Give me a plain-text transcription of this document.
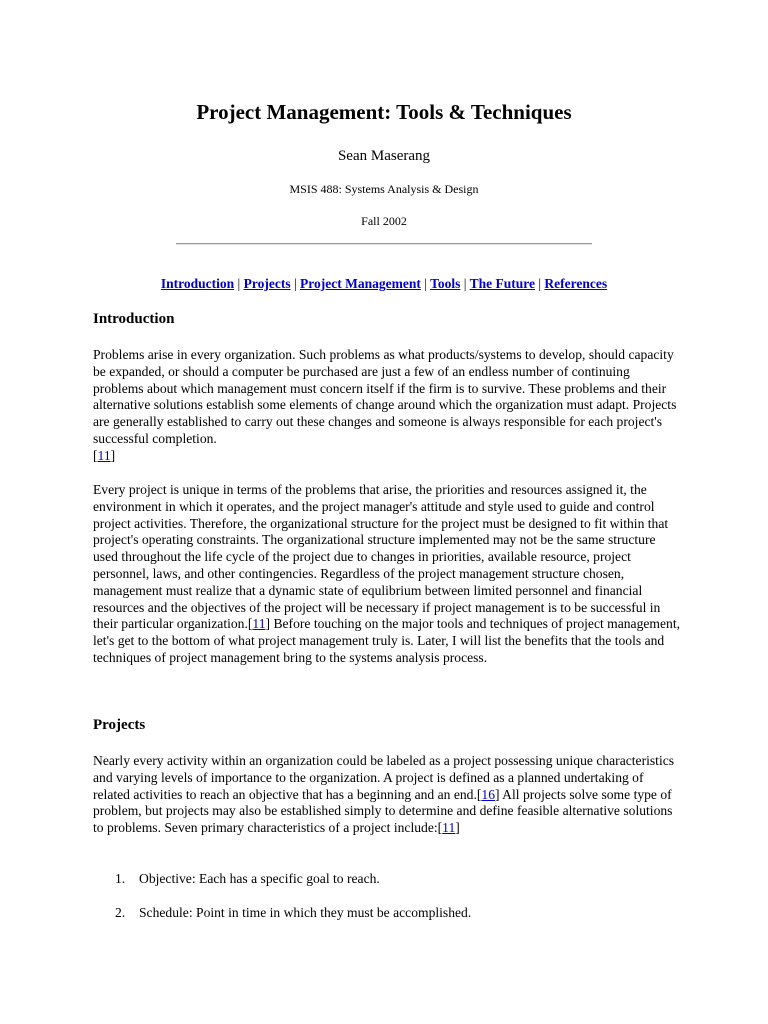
Project Management: Tools & Techniques
Sean Maserang
MSIS 488: Systems Analysis & Design
Fall 2002
Introduction | Projects | Project Management | Tools | The Future | References
Introduction

Problems arise in every organization. Such problems as what products/systems to develop, should capacity be expanded, or should a computer be purchased are just a few of an endless number of continuing problems about which management must concern itself if the firm is to survive. These problems and their alternative solutions establish some elements of change around which the organization must adapt. Projects are generally established to carry out these changes and someone is always responsible for each project's successful completion.
[11]

Every project is unique in terms of the problems that arise, the priorities and resources assigned it, the environment in which it operates, and the project manager's attitude and style used to guide and control project activities. Therefore, the organizational structure for the project must be designed to fit within that project's operating constraints. The organizational structure implemented may not be the same structure used throughout the life cycle of the project due to changes in priorities, available resource, project personnel, laws, and other contingencies. Regardless of the project management structure chosen, management must realize that a dynamic state of equlibrium between limited personnel and financial resources and the objectives of the project will be necessary if project management is to be successful in their particular organization.[11] Before touching on the major tools and techniques of project management, let's get to the bottom of what project management truly is. Later, I will list the benefits that the tools and techniques of project management bring to the systems analysis process.

Projects

Nearly every activity within an organization could be labeled as a project possessing unique characteristics and varying levels of importance to the organization. A project is defined as a planned undertaking of related activities to reach an objective that has a beginning and an end.[16] All projects solve some type of problem, but projects may also be established simply to determine and define feasible alternative solutions to problems. Seven primary characteristics of a project include:[11]

1. Objective: Each has a specific goal to reach.
2. Schedule: Point in time in which they must be accomplished.
